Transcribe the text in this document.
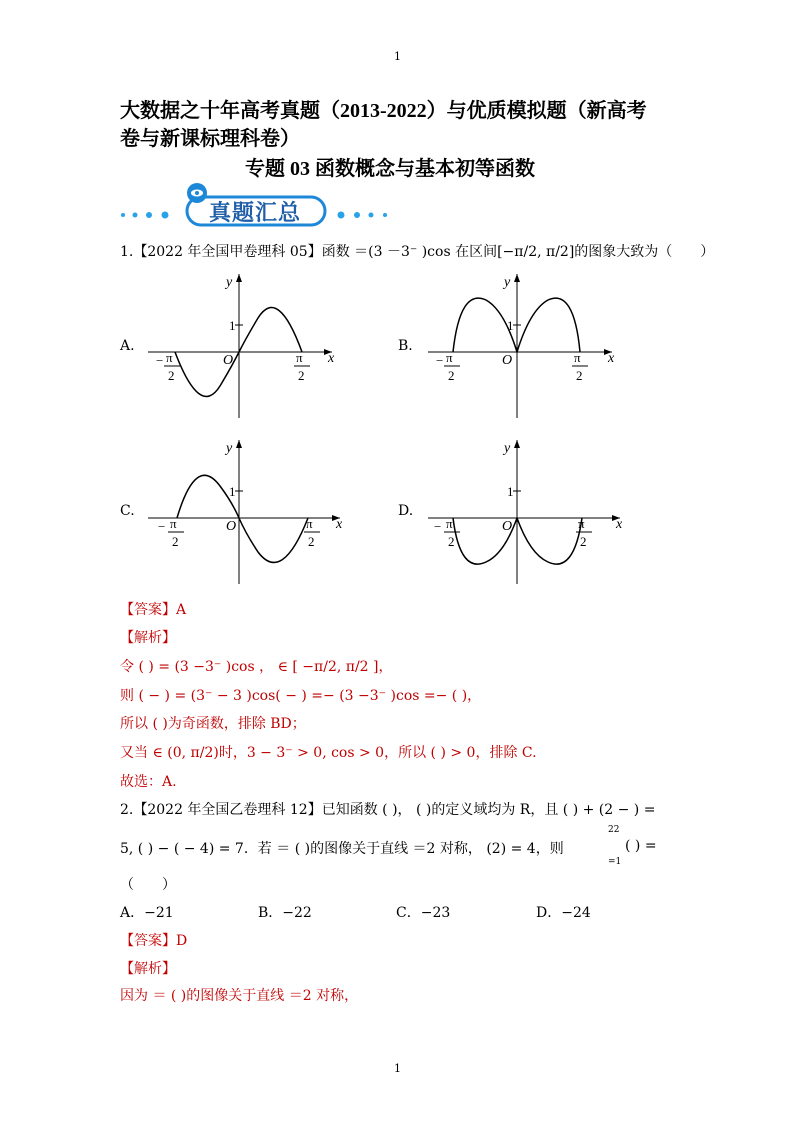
1
大数据之十年高考真题（2013-2022）与优质模拟题（新高考
卷与新课标理科卷）
专题 03 函数概念与基本初等函数
真题汇总
1.【2022 年全国甲卷理科 05】函数 ＝(3 －3⁻ )cos 在区间[−π/2, π/2]的图象大致为（　　）
A.
y
x
O
1
− π
2
π
2
B.
y
x
O
1
− π
2
π
2
C.
y
x
O
1
− π
2
π
2
D.
y
x
O
1
− π
2
π
2
【答案】A
【解析】
令 ( ) = (3 −3⁻ )cos ， ∈ [ −π/2, π/2 ]，
则 ( − ) = (3⁻ − 3 )cos( − ) =− (3 −3⁻ )cos =− ( )，
所以 ( )为奇函数，排除 BD；
又当 ∈ (0, π/2)时，3 − 3⁻ > 0, cos > 0，所以 ( ) > 0，排除 C.
故选：A.
2.【2022 年全国乙卷理科 12】已知函数 ( )， ( )的定义域均为 R，且 ( ) + (2 − ) =
22
=1
5, ( ) − ( − 4) = 7．若 ＝ ( )的图像关于直线 ＝2 对称， (2) = 4，则	( ) =
（　　）
A．−21	B．−22	C．−23	D．−24
【答案】D
【解析】
因为 ＝ ( )的图像关于直线 ＝2 对称，
1
